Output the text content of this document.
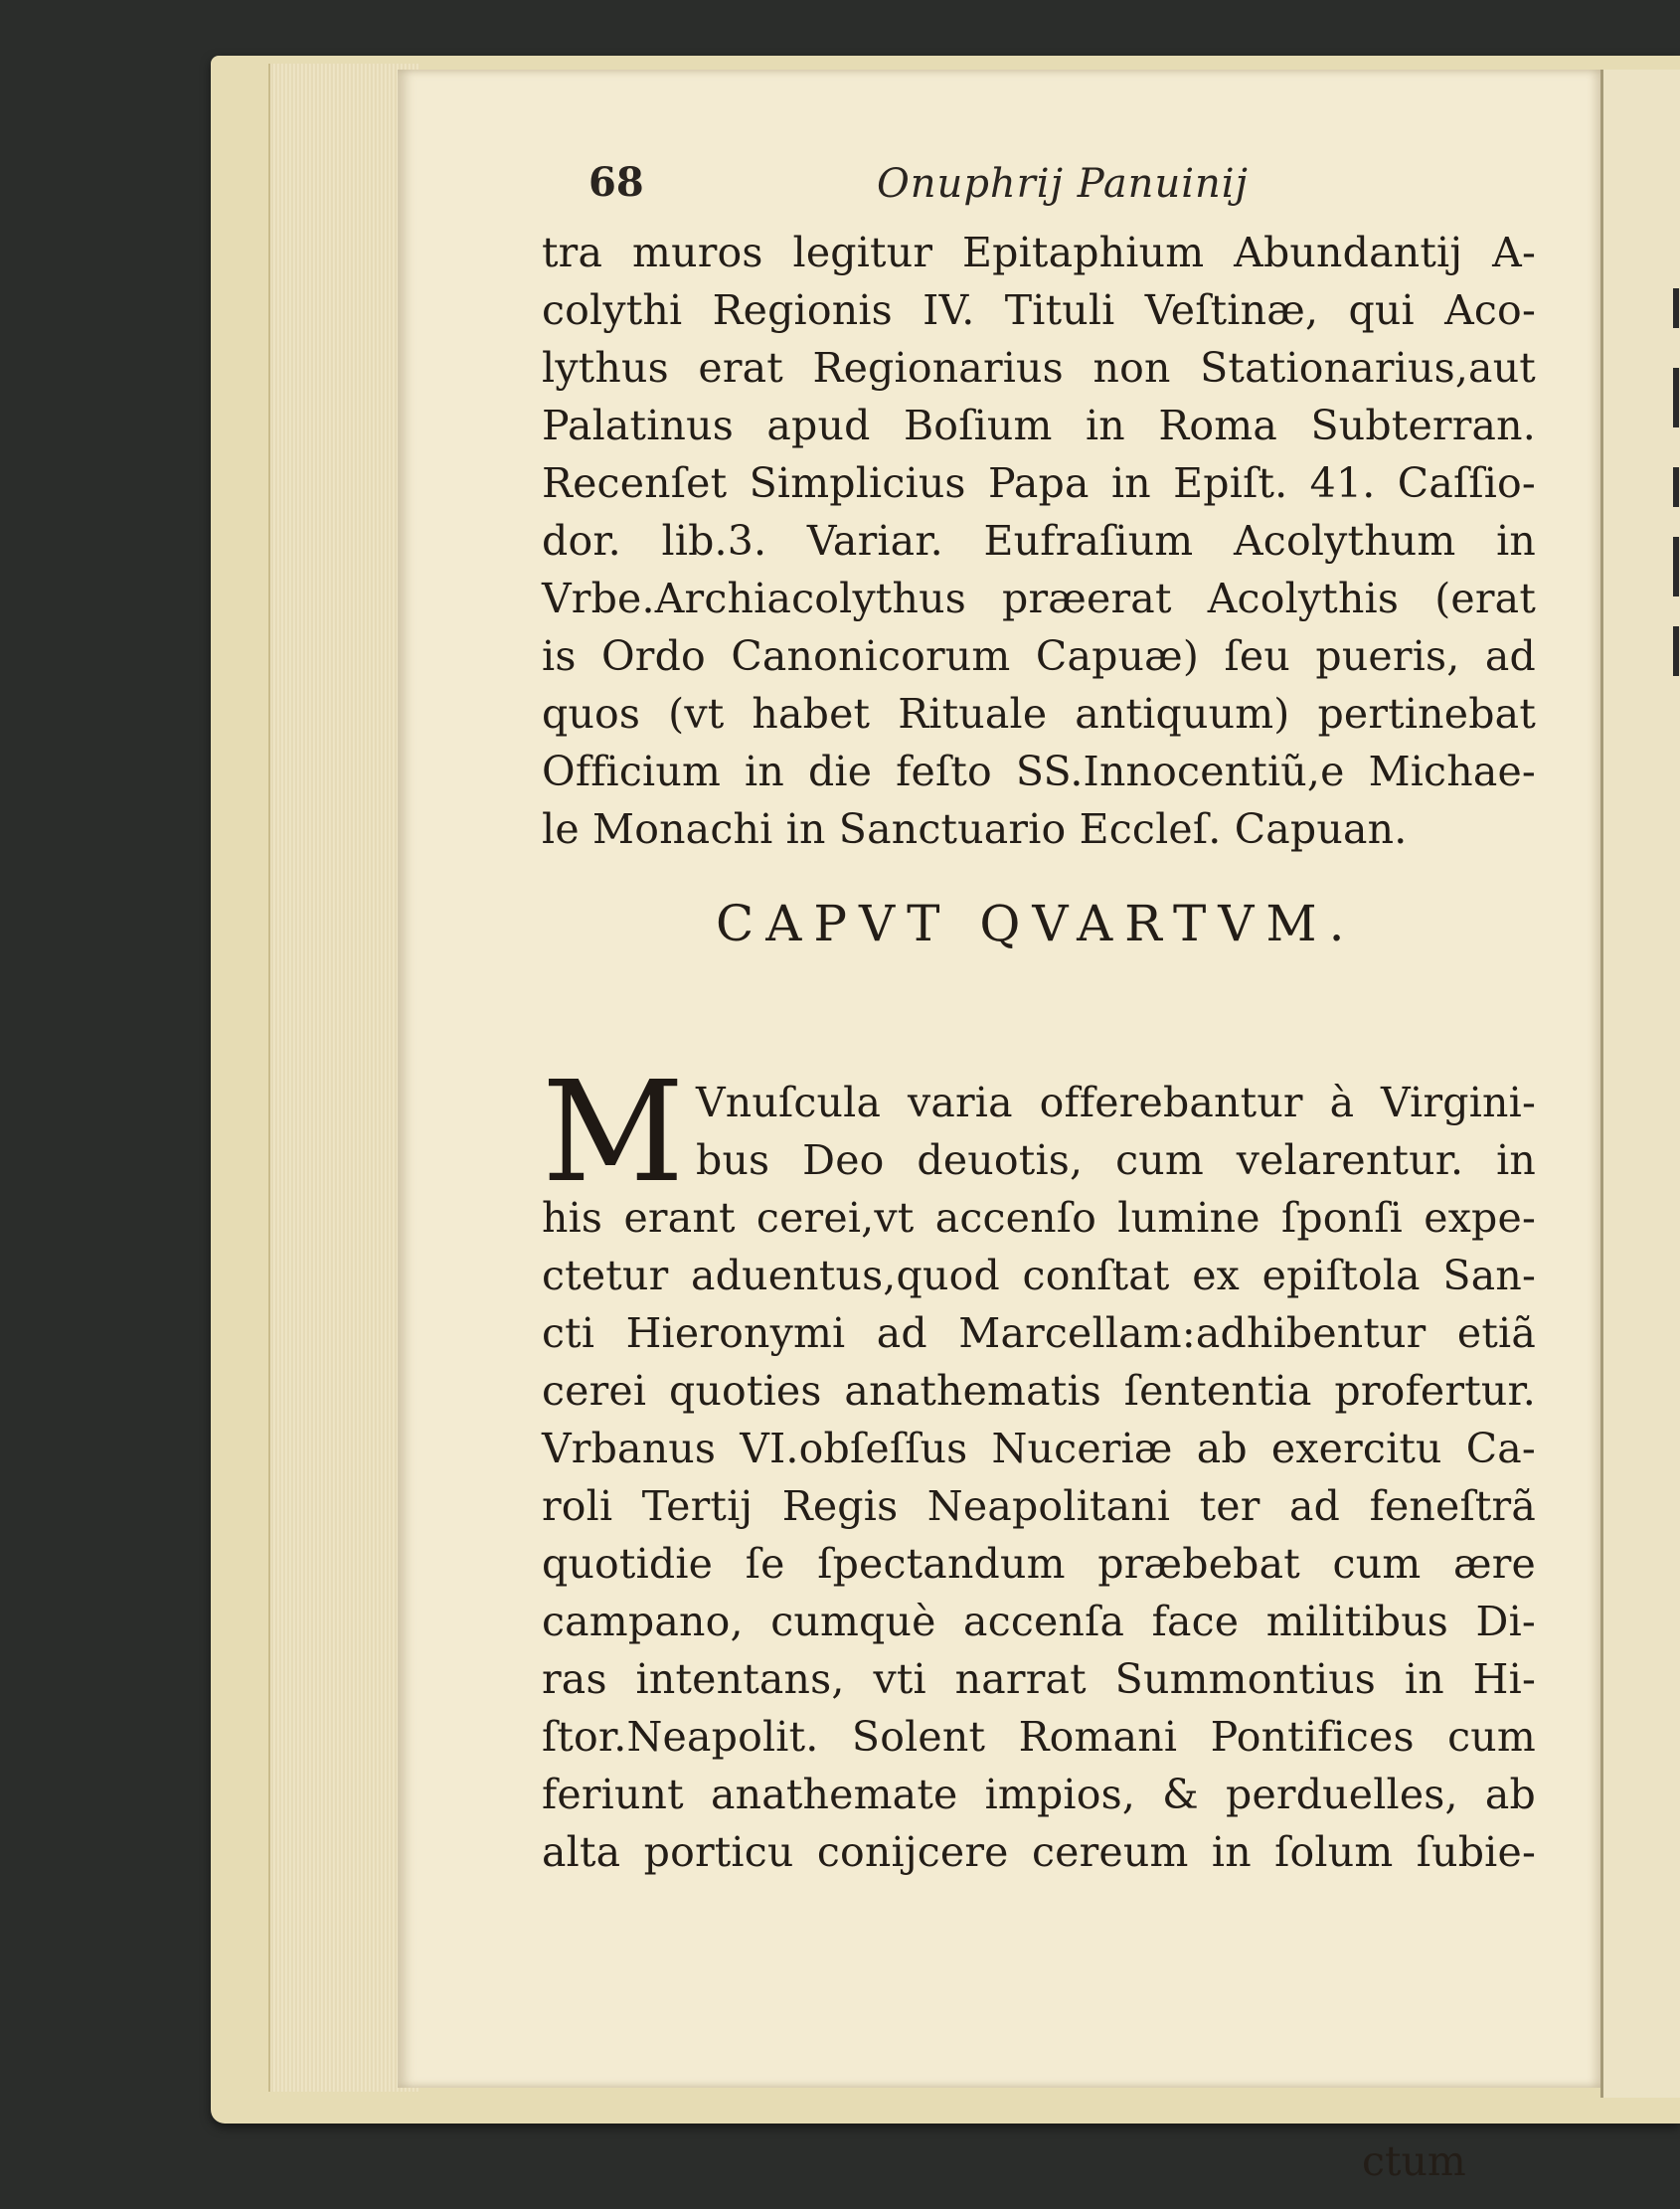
68	Onuphrij Panuinij
tra muros legitur Epitaphium Abundantij A-
colythi Regionis IV. Tituli Veſtinæ, qui Aco-
lythus erat Regionarius non Stationarius,aut
Palatinus apud Boſium in Roma Subterran.
Recenſet Simplicius Papa in Epiſt. 41. Caſſio-
dor. lib.3. Variar. Eufraſium Acolythum in
Vrbe.Archiacolythus præerat Acolythis (erat
is Ordo Canonicorum Capuæ) ſeu pueris, ad
quos (vt habet Rituale antiquum) pertinebat
Officium in die feſto SS.Innocentiũ,e Michae-
le Monachi in Sanctuario Eccleſ. Capuan.
CAPVT QVARTVM.
M Vnuſcula varia offerebantur à Virgini-
bus Deo deuotis, cum velarentur. in
his erant cerei,vt accenſo lumine ſponſi expe-
ctetur aduentus,quod conſtat ex epiſtola San-
cti Hieronymi ad Marcellam:adhibentur etiã
cerei quoties anathematis ſententia profertur.
Vrbanus VI.obſeſſus Nuceriæ ab exercitu Ca-
roli Tertij Regis Neapolitani ter ad feneſtrã
quotidie ſe ſpectandum præbebat cum ære
campano, cumquè accenſa face militibus Di-
ras intentans, vti narrat Summontius in Hi-
ſtor.Neapolit. Solent Romani Pontifices cum
feriunt anathemate impios, & perduelles, ab
alta porticu conijcere cereum in ſolum ſubie-
ctum
